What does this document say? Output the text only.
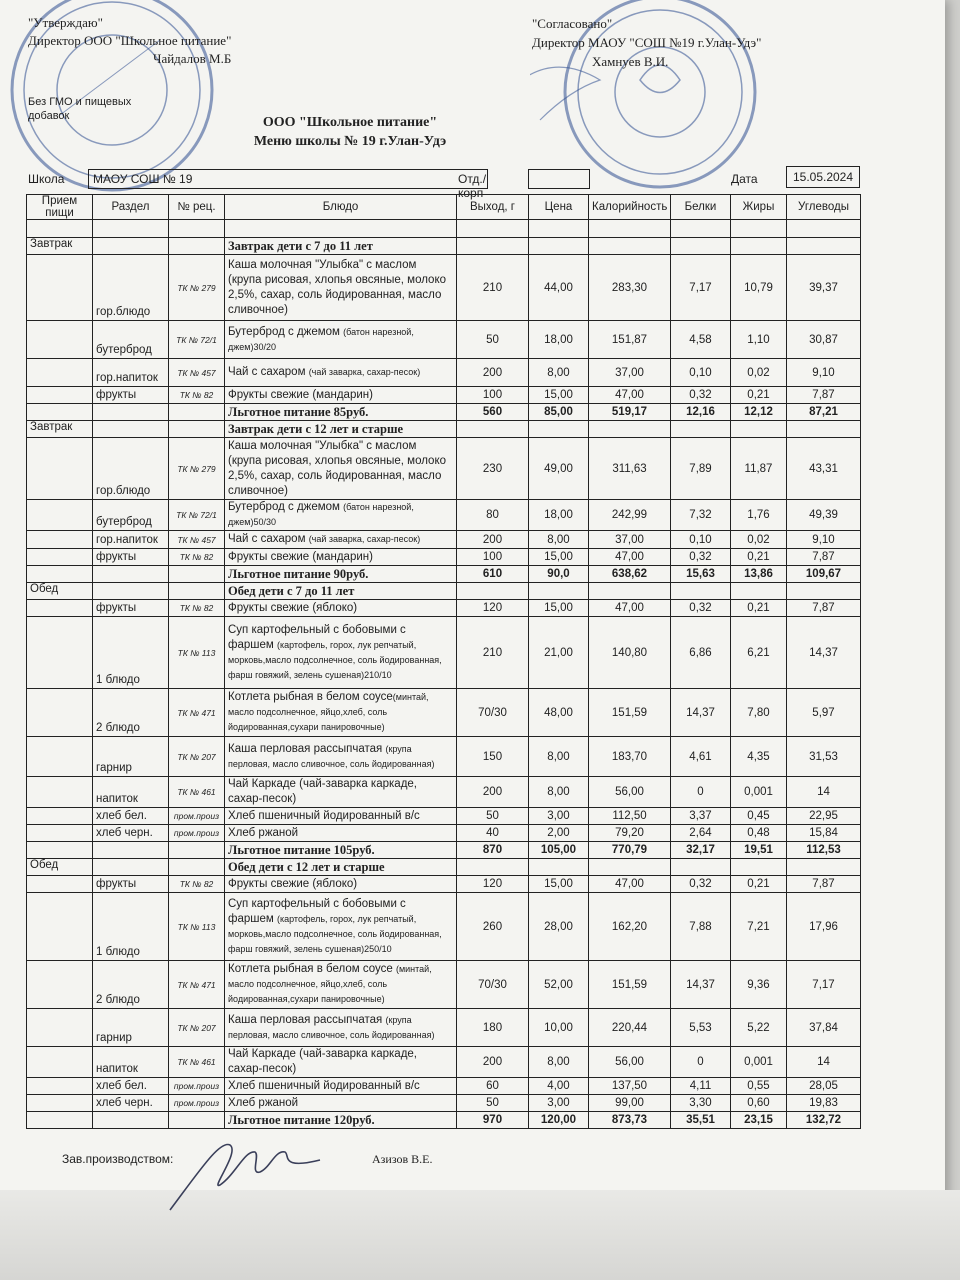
"Утверждаю"
Директор ООО "Школьное питание"
Чайдалов М.Б
"Согласовано"
Директор МАОУ "СОШ №19 г.Улан-Удэ"
Хамнуев В.И.
Без ГМО и пищевых добавок	ООО "Школьное питание"
Меню школы № 19 г.Улан-Удэ
Школа	МАОУ СОШ № 19	Отд./корп
Дата	15.05.2024
Прием пищи	Раздел	№ рец.	Блюдо	Выход, г	Цена	Калорийность	Белки	Жиры	Углеводы

Завтрак			Завтрак дети с 7 до 11 лет						
	гор.блюдо	ТК № 279	Каша молочная "Улыбка" с маслом (крупа рисовая, хлопья овсяные, молоко 2,5%, сахар, соль йодированная, масло сливочное)	210	44,00	283,30	7,17	10,79	39,37
	бутерброд	ТК № 72/1	Бутерброд с джемом (батон нарезной, джем)30/20	50	18,00	151,87	4,58	1,10	30,87
	гор.напиток	ТК № 457	Чай с сахаром (чай заварка, сахар-песок)	200	8,00	37,00	0,10	0,02	9,10
	фрукты	ТК № 82	Фрукты свежие (мандарин)	100	15,00	47,00	0,32	0,21	7,87
			Льготное питание 85руб.	560	85,00	519,17	12,16	12,12	87,21
Завтрак			Завтрак дети с 12 лет и старше						
	гор.блюдо	ТК № 279	Каша молочная "Улыбка" с маслом (крупа рисовая, хлопья овсяные, молоко 2,5%, сахар, соль йодированная, масло сливочное)	230	49,00	311,63	7,89	11,87	43,31
	бутерброд	ТК № 72/1	Бутерброд с джемом (батон нарезной, джем)50/30	80	18,00	242,99	7,32	1,76	49,39
	гор.напиток	ТК № 457	Чай с сахаром (чай заварка, сахар-песок)	200	8,00	37,00	0,10	0,02	9,10
	фрукты	ТК № 82	Фрукты свежие (мандарин)	100	15,00	47,00	0,32	0,21	7,87
			Льготное питание 90руб.	610	90,0	638,62	15,63	13,86	109,67
Обед			Обед дети с 7 до 11 лет						
	фрукты	ТК № 82	Фрукты свежие (яблоко)	120	15,00	47,00	0,32	0,21	7,87
	1 блюдо	ТК № 113	Суп картофельный с бобовыми с фаршем (картофель, горох, лук репчатый, морковь,масло подсолнечное, соль йодированная, фарш говяжий, зелень сушеная)210/10	210	21,00	140,80	6,86	6,21	14,37
	2 блюдо	ТК № 471	Котлета рыбная в белом соусе(минтай, масло подсолнечное, яйцо,хлеб, соль йодированная,сухари панировочные)	70/30	48,00	151,59	14,37	7,80	5,97
	гарнир	ТК № 207	Каша перловая рассыпчатая (крупа перловая, масло сливочное, соль йодированная)	150	8,00	183,70	4,61	4,35	31,53
	напиток	ТК № 461	Чай Каркаде (чай-заварка каркаде, сахар-песок)	200	8,00	56,00	0	0,001	14
	хлеб бел.	пром.произ	Хлеб пшеничный йодированный в/с	50	3,00	112,50	3,37	0,45	22,95
	хлеб черн.	пром.произ	Хлеб ржаной	40	2,00	79,20	2,64	0,48	15,84
			Льготное питание 105руб.	870	105,00	770,79	32,17	19,51	112,53
Обед			Обед дети с 12 лет и старше						
	фрукты	ТК № 82	Фрукты свежие (яблоко)	120	15,00	47,00	0,32	0,21	7,87
	1 блюдо	ТК № 113	Суп картофельный с бобовыми с фаршем (картофель, горох, лук репчатый, морковь,масло подсолнечное, соль йодированная, фарш говяжий, зелень сушеная)250/10	260	28,00	162,20	7,88	7,21	17,96
	2 блюдо	ТК № 471	Котлета рыбная в белом соусе (минтай, масло подсолнечное, яйцо,хлеб, соль йодированная,сухари панировочные)	70/30	52,00	151,59	14,37	9,36	7,17
	гарнир	ТК № 207	Каша перловая рассыпчатая (крупа перловая, масло сливочное, соль йодированная)	180	10,00	220,44	5,53	5,22	37,84
	напиток	ТК № 461	Чай Каркаде (чай-заварка каркаде, сахар-песок)	200	8,00	56,00	0	0,001	14
	хлеб бел.	пром.произ	Хлеб пшеничный йодированный в/с	60	4,00	137,50	4,11	0,55	28,05
	хлеб черн.	пром.произ	Хлеб ржаной	50	3,00	99,00	3,30	0,60	19,83
			Льготное питание 120руб.	970	120,00	873,73	35,51	23,15	132,72
Зав.производством:	Азизов В.Е.
